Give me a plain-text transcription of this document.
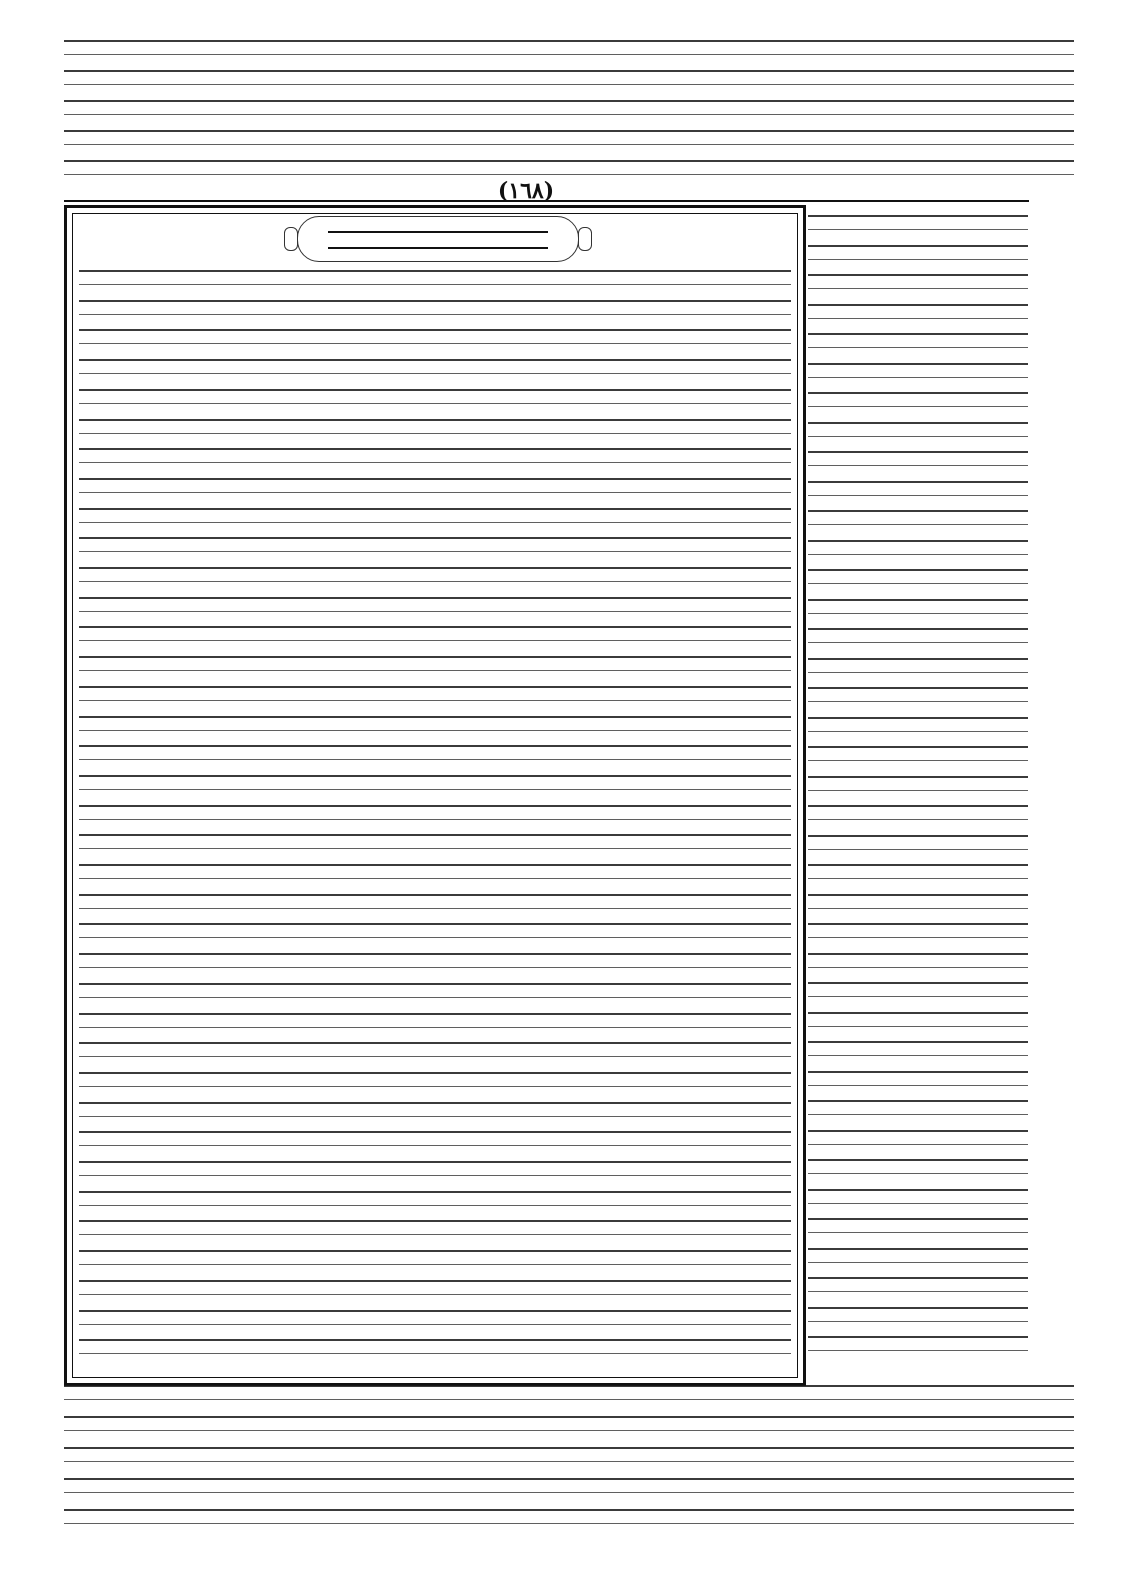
(١٦٨)
